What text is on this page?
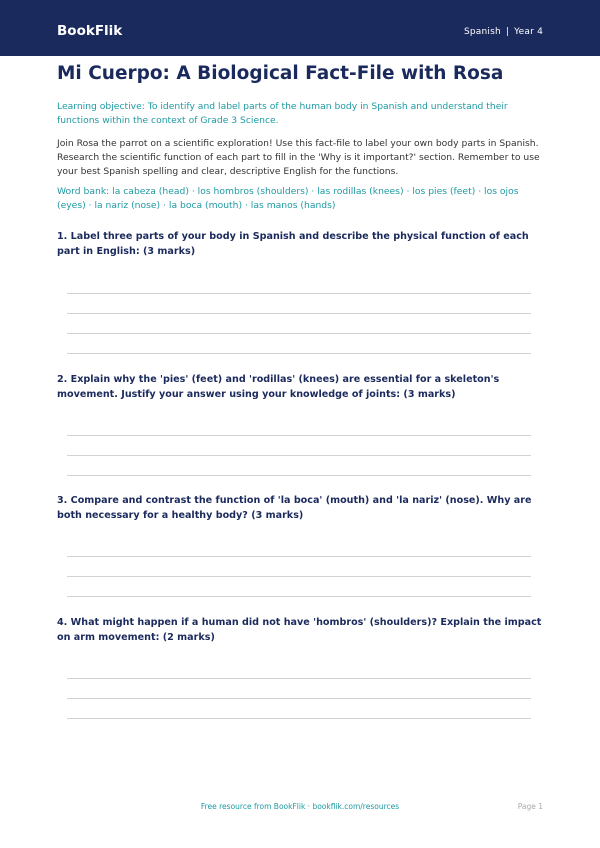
BookFlik	Spanish | Year 4
Mi Cuerpo: A Biological Fact-File with Rosa
Learning objective: To identify and label parts of the human body in Spanish and understand their functions within the context of Grade 3 Science.
Join Rosa the parrot on a scientific exploration! Use this fact-file to label your own body parts in Spanish. Research the scientific function of each part to fill in the 'Why is it important?' section. Remember to use your best Spanish spelling and clear, descriptive English for the functions.
Word bank: la cabeza (head) · los hombros (shoulders) · las rodillas (knees) · los pies (feet) · los ojos (eyes) · la nariz (nose) · la boca (mouth) · las manos (hands)
1. Label three parts of your body in Spanish and describe the physical function of each part in English: (3 marks)
2. Explain why the 'pies' (feet) and 'rodillas' (knees) are essential for a skeleton's movement. Justify your answer using your knowledge of joints: (3 marks)
3. Compare and contrast the function of 'la boca' (mouth) and 'la nariz' (nose). Why are both necessary for a healthy body? (3 marks)
4. What might happen if a human did not have 'hombros' (shoulders)? Explain the impact on arm movement: (2 marks)
Free resource from BookFlik · bookflik.com/resources	Page 1
